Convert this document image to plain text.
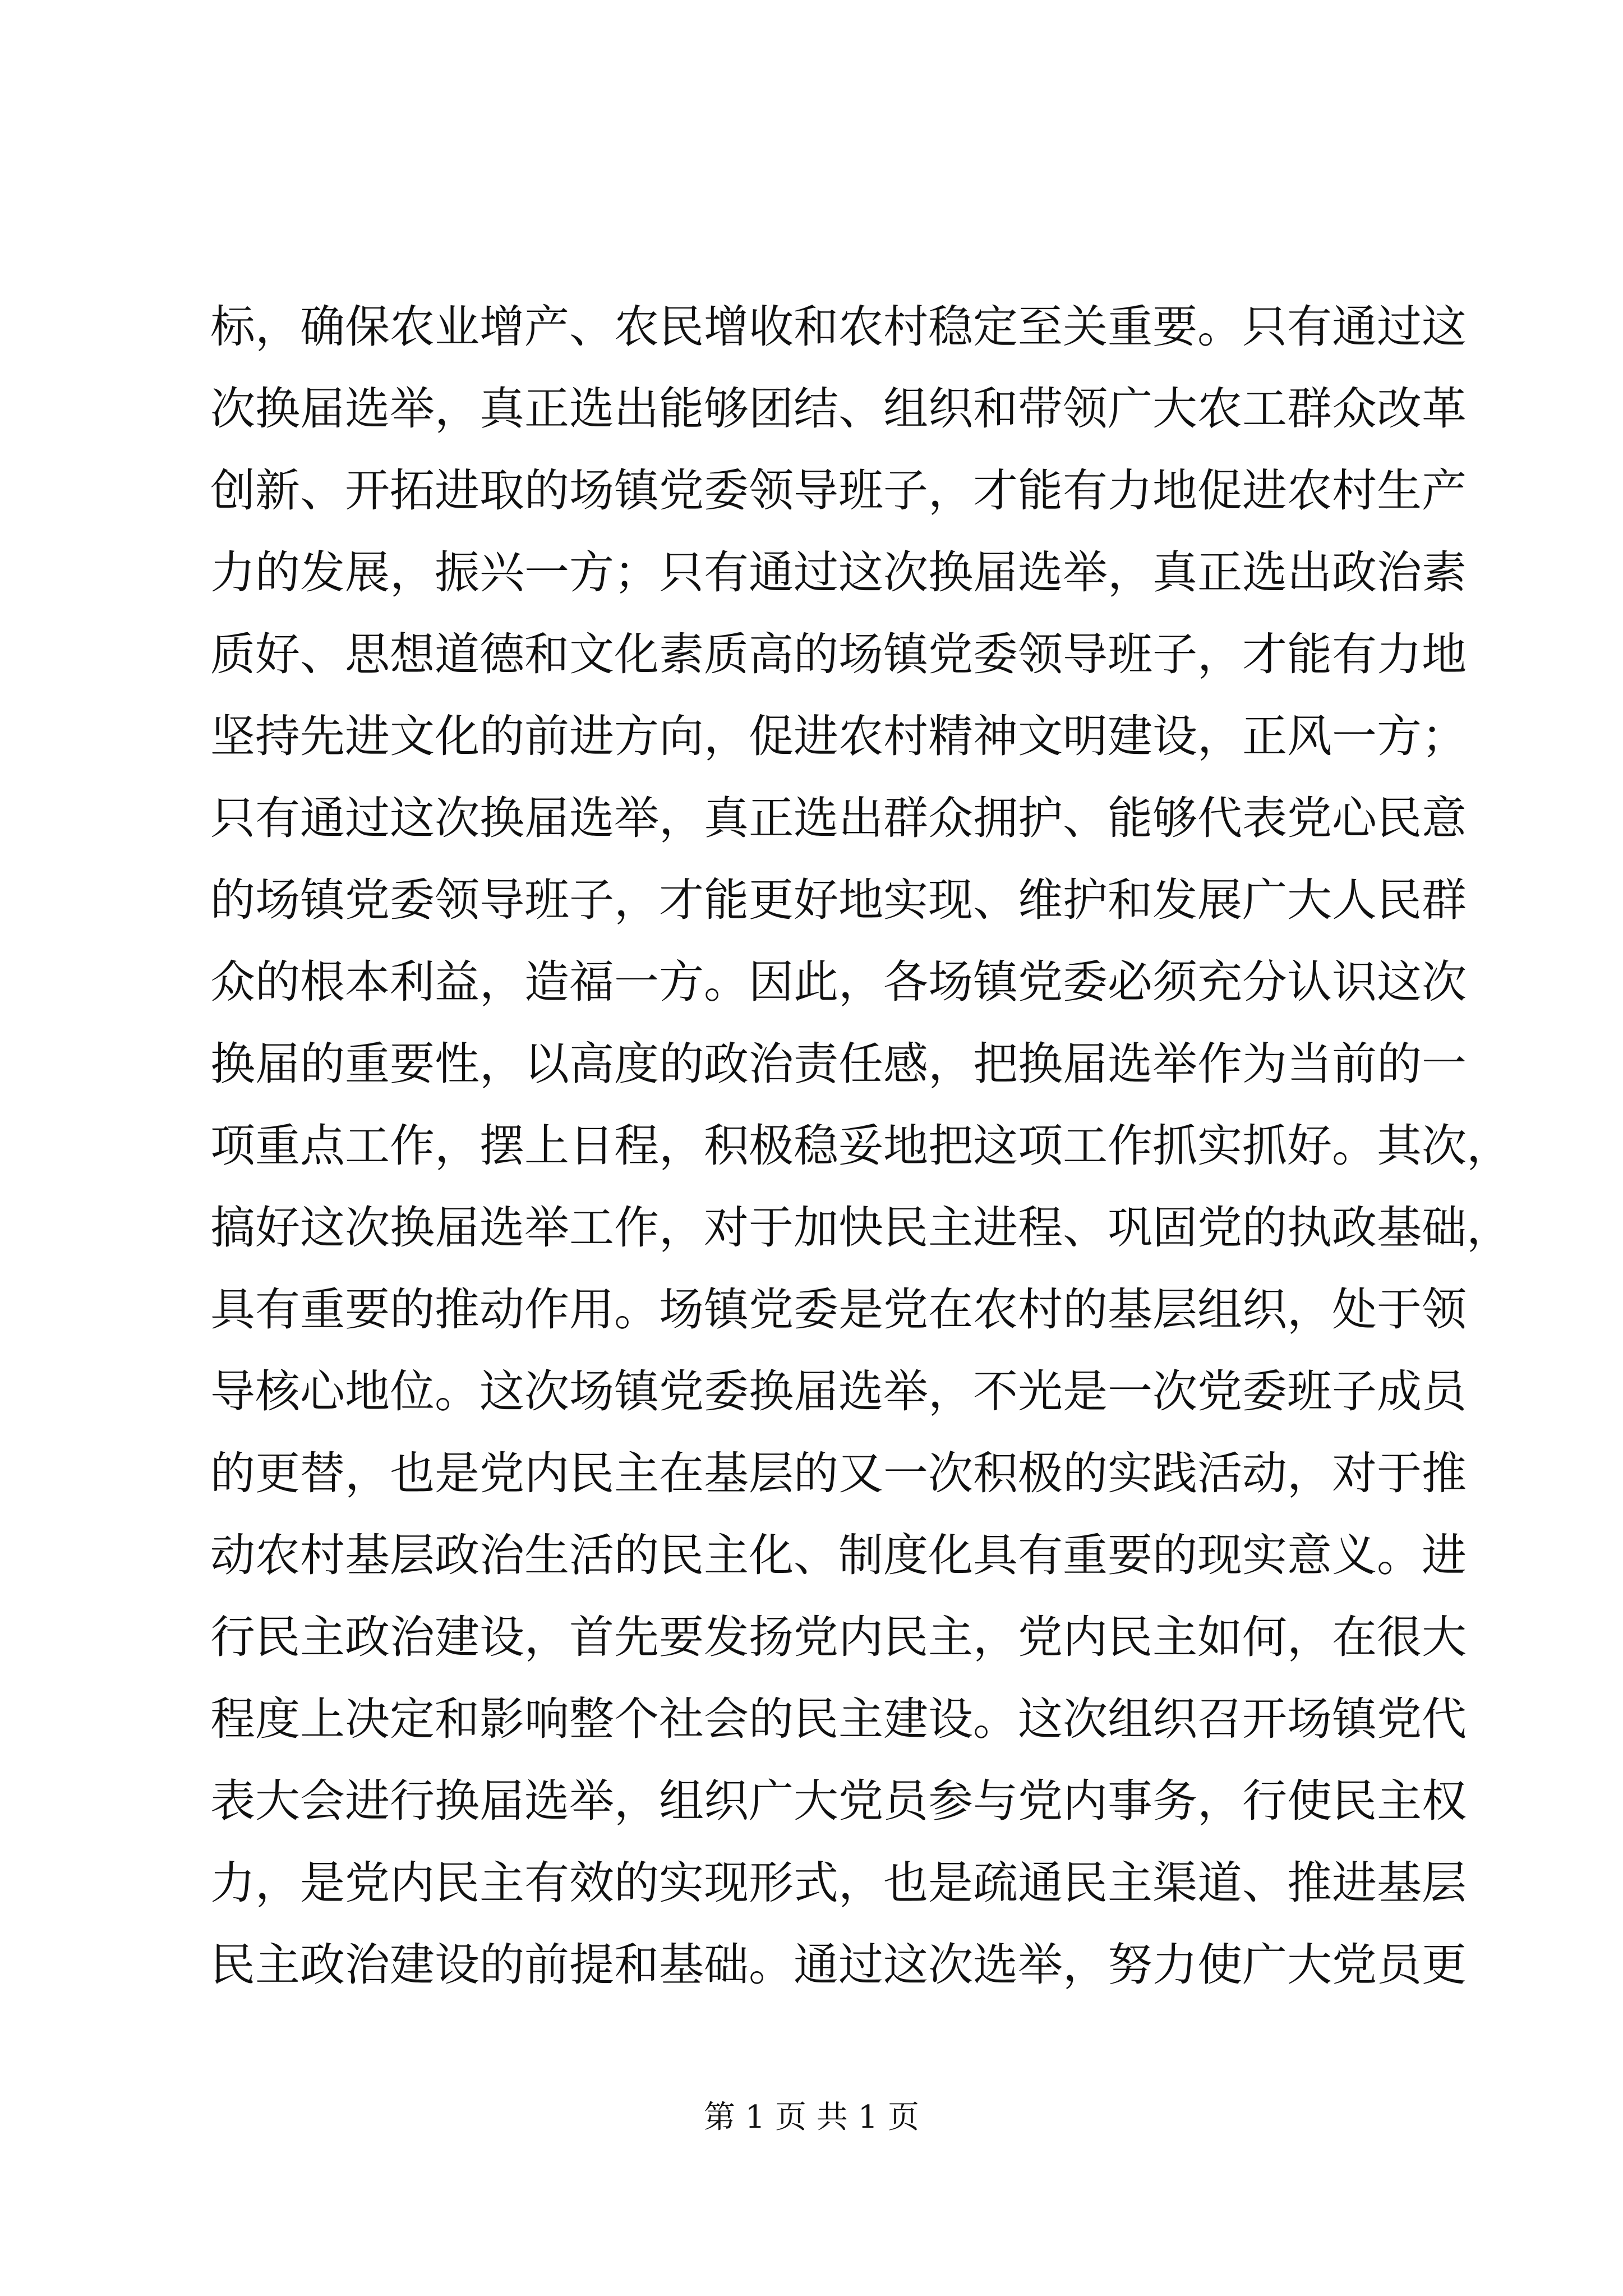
标，确保农业增产、农民增收和农村稳定至关重要。只有通过这
次换届选举，真正选出能够团结、组织和带领广大农工群众改革
创新、开拓进取的场镇党委领导班子，才能有力地促进农村生产
力的发展，振兴一方；只有通过这次换届选举，真正选出政治素
质好、思想道德和文化素质高的场镇党委领导班子，才能有力地
坚持先进文化的前进方向，促进农村精神文明建设，正风一方；
只有通过这次换届选举，真正选出群众拥护、能够代表党心民意
的场镇党委领导班子，才能更好地实现、维护和发展广大人民群
众的根本利益，造福一方。因此，各场镇党委必须充分认识这次
换届的重要性，以高度的政治责任感，把换届选举作为当前的一
项重点工作，摆上日程，积极稳妥地把这项工作抓实抓好。其次，
搞好这次换届选举工作，对于加快民主进程、巩固党的执政基础，
具有重要的推动作用。场镇党委是党在农村的基层组织，处于领
导核心地位。这次场镇党委换届选举，不光是一次党委班子成员
的更替，也是党内民主在基层的又一次积极的实践活动，对于推
动农村基层政治生活的民主化、制度化具有重要的现实意义。进
行民主政治建设，首先要发扬党内民主，党内民主如何，在很大
程度上决定和影响整个社会的民主建设。这次组织召开场镇党代
表大会进行换届选举，组织广大党员参与党内事务，行使民主权
力，是党内民主有效的实现形式，也是疏通民主渠道、推进基层
民主政治建设的前提和基础。通过这次选举，努力使广大党员更
第 1 页 共 1 页
